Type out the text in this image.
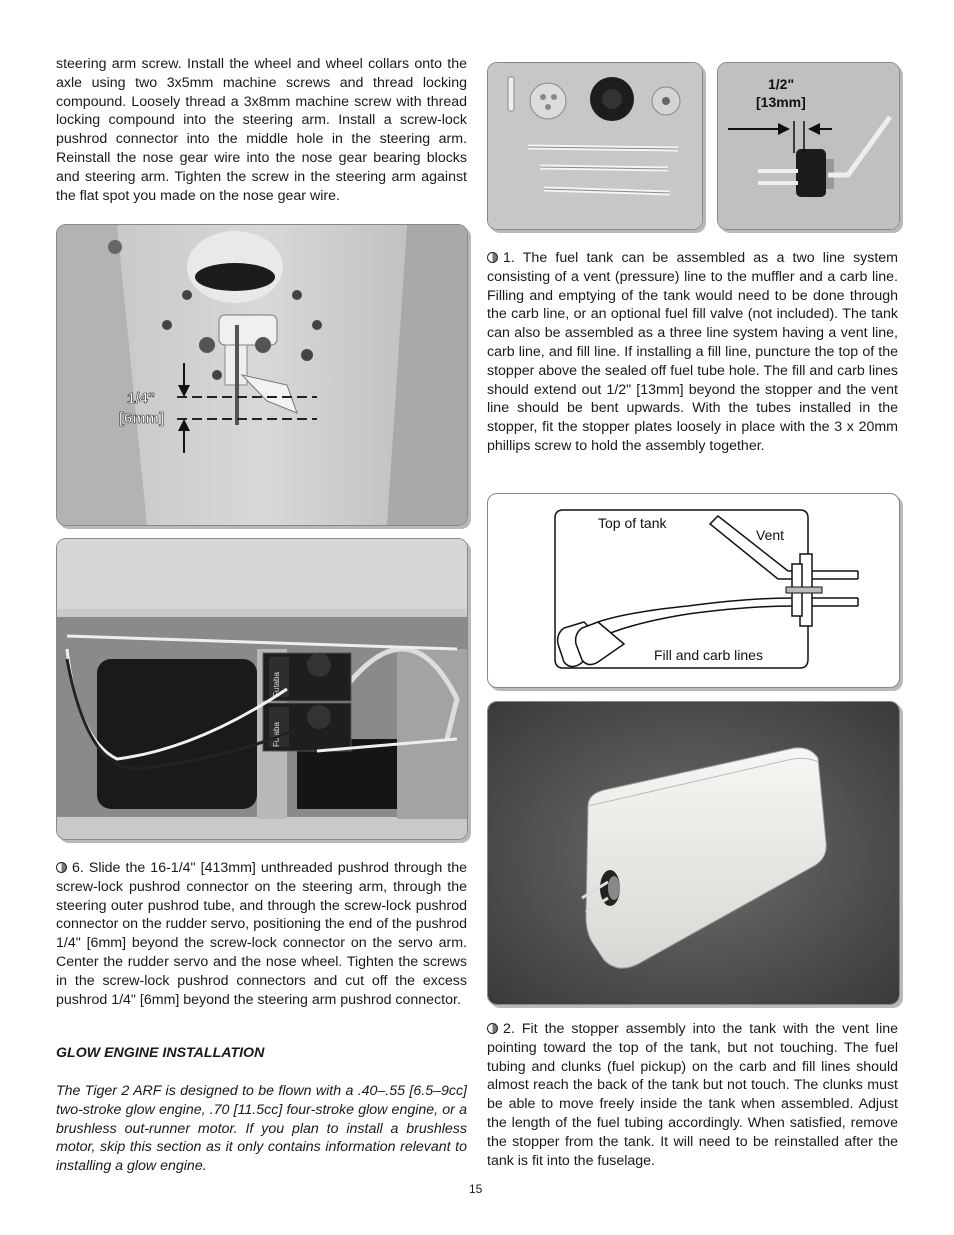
steering arm screw. Install the wheel and wheel collars onto the axle using two 3x5mm machine screws and thread locking compound. Loosely thread a 3x8mm machine screw with thread locking compound into the steering arm. Install a screw-lock pushrod connector into the middle hole in the steering arm. Reinstall the nose gear wire into the nose gear bearing blocks and steering arm. Tighten the screw in the steering arm against the flat spot you made on the nose gear wire.

1/4"
[6mm]
Futaba
Futaba

6. Slide the 16-1/4" [413mm] unthreaded pushrod through the screw-lock pushrod connector on the steering arm, through the steering outer pushrod tube, and through the screw-lock pushrod connector on the rudder servo, positioning the end of the pushrod 1/4" [6mm] beyond the screw-lock connector on the servo arm. Center the rudder servo and the nose wheel. Tighten the screws in the screw-lock pushrod connectors and cut off the excess pushrod 1/4" [6mm] beyond the steering arm pushrod connector.

GLOW ENGINE INSTALLATION

The Tiger 2 ARF is designed to be flown with a .40–.55 [6.5–9cc] two-stroke glow engine, .70 [11.5cc] four-stroke glow engine, or a brushless out-runner motor. If you plan to install a brushless motor, skip this section as it only contains information relevant to installing a glow engine.

1/2"
[13mm]

1. The fuel tank can be assembled as a two line system consisting of a vent (pressure) line to the muffler and a carb line. Filling and emptying of the tank would need to be done through the carb line, or an optional fuel fill valve (not included). The tank can also be assembled as a three line system having a vent line, carb line, and fill line. If installing a fill line, puncture the top of the stopper above the sealed off fuel tube hole. The fill and carb lines should extend out 1/2" [13mm] beyond the stopper and the vent line should be bent upwards. With the tubes installed in the stopper, fit the stopper plates loosely in place with the 3 x 20mm phillips screw to hold the assembly together.

Top of tank
Vent
Fill and carb lines

2. Fit the stopper assembly into the tank with the vent line pointing toward the top of the tank, but not touching. The fuel tubing and clunks (fuel pickup) on the carb and fill lines should almost reach the back of the tank but not touch. The clunks must be able to move freely inside the tank when assembled. Adjust the length of the fuel tubing accordingly. When satisfied, remove the stopper from the tank. It will need to be reinstalled after the tank is fit into the fuselage.

15
